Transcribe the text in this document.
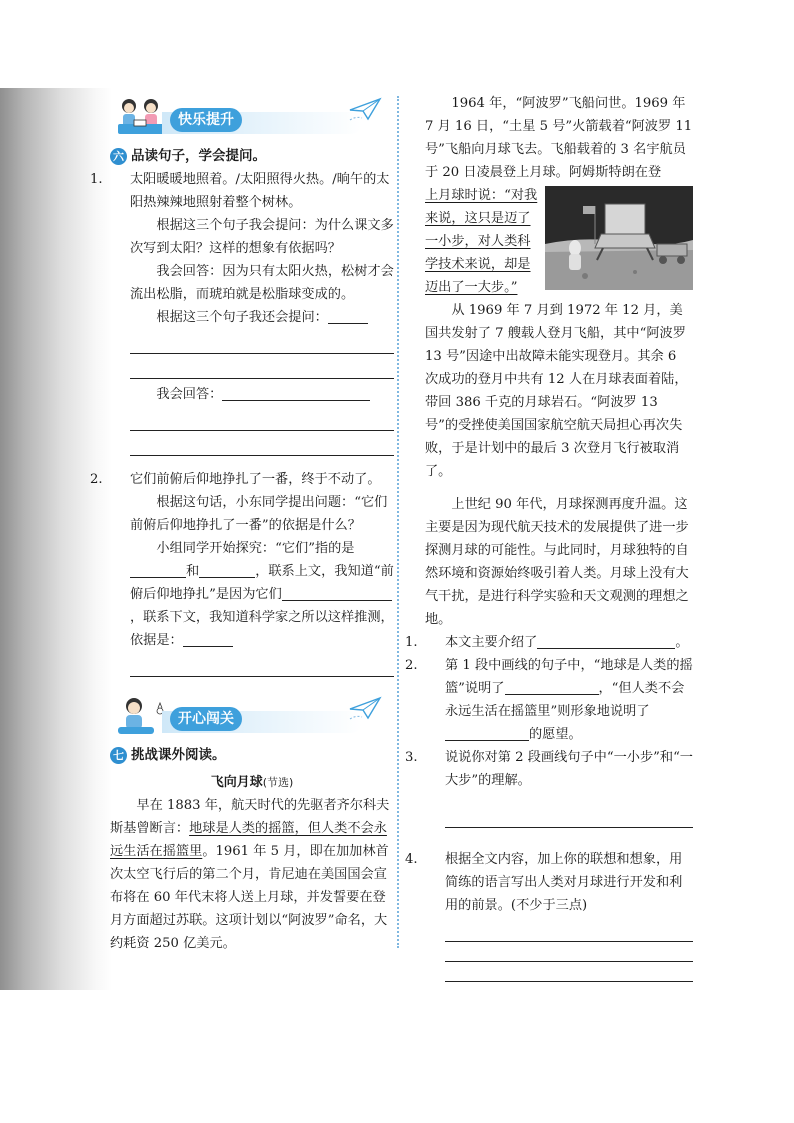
快乐提升
六 品读句子，学会提问。
1. 太阳暖暖地照着。/太阳照得火热。/晌午的太阳热辣辣地照射着整个树林。
根据这三个句子我会提问：为什么课文多次写到太阳？这样的想象有依据吗？
我会回答：因为只有太阳火热，松树才会流出松脂，而琥珀就是松脂球变成的。
根据这三个句子我还会提问：
我会回答：
2. 它们前俯后仰地挣扎了一番，终于不动了。
根据这句话，小东同学提出问题：“它们前俯后仰地挣扎了一番”的依据是什么？
小组同学开始探究：“它们”指的是和	，联系上文，我知道“前俯后仰地挣扎”是因为它们，联系下文，我知道科学家之所以这样推测，依据是：
开心闯关
七 挑战课外阅读。
飞向月球(节选)
早在 1883 年，航天时代的先驱者齐尔科夫斯基曾断言：地球是人类的摇篮，但人类不会永远生活在摇篮里。1961 年 5 月，即在加加林首次太空飞行后的第二个月，肯尼迪在美国国会宣布将在 60 年代末将人送上月球，并发誓要在登月方面超过苏联。这项计划以“阿波罗”命名，大约耗资 250 亿美元。
1964 年，“阿波罗”飞船问世。1969 年 7 月 16 日，“土星 5 号”火箭载着“阿波罗 11 号”飞船向月球飞去。飞船载着的 3 名宇航员于 20 日凌晨登上月球。阿姆斯特朗在登
上月球时说：“对我来说，这只是迈了一小步，对人类科学技术来说，却是迈出了一大步。”
从 1969 年 7 月到 1972 年 12 月，美国共发射了 7 艘载人登月飞船，其中“阿波罗 13 号”因途中出故障未能实现登月。其余 6 次成功的登月中共有 12 人在月球表面着陆，带回 386 千克的月球岩石。“阿波罗 13 号”的受挫使美国国家航空航天局担心再次失败，于是计划中的最后 3 次登月飞行被取消了。
上世纪 90 年代，月球探测再度升温。这主要是因为现代航天技术的发展提供了进一步探测月球的可能性。与此同时，月球独特的自然环境和资源始终吸引着人类。月球上没有大气干扰，是进行科学实验和天文观测的理想之地。
1. 本文主要介绍了	。
2. 第 1 段中画线的句子中，“地球是人类的摇篮”说明了	，“但人类不会永远生活在摇篮里”则形象地说明了的愿望。
3. 说说你对第 2 段画线句子中“一小步”和“一大步”的理解。
4. 根据全文内容，加上你的联想和想象，用简练的语言写出人类对月球进行开发和利用的前景。(不少于三点)
